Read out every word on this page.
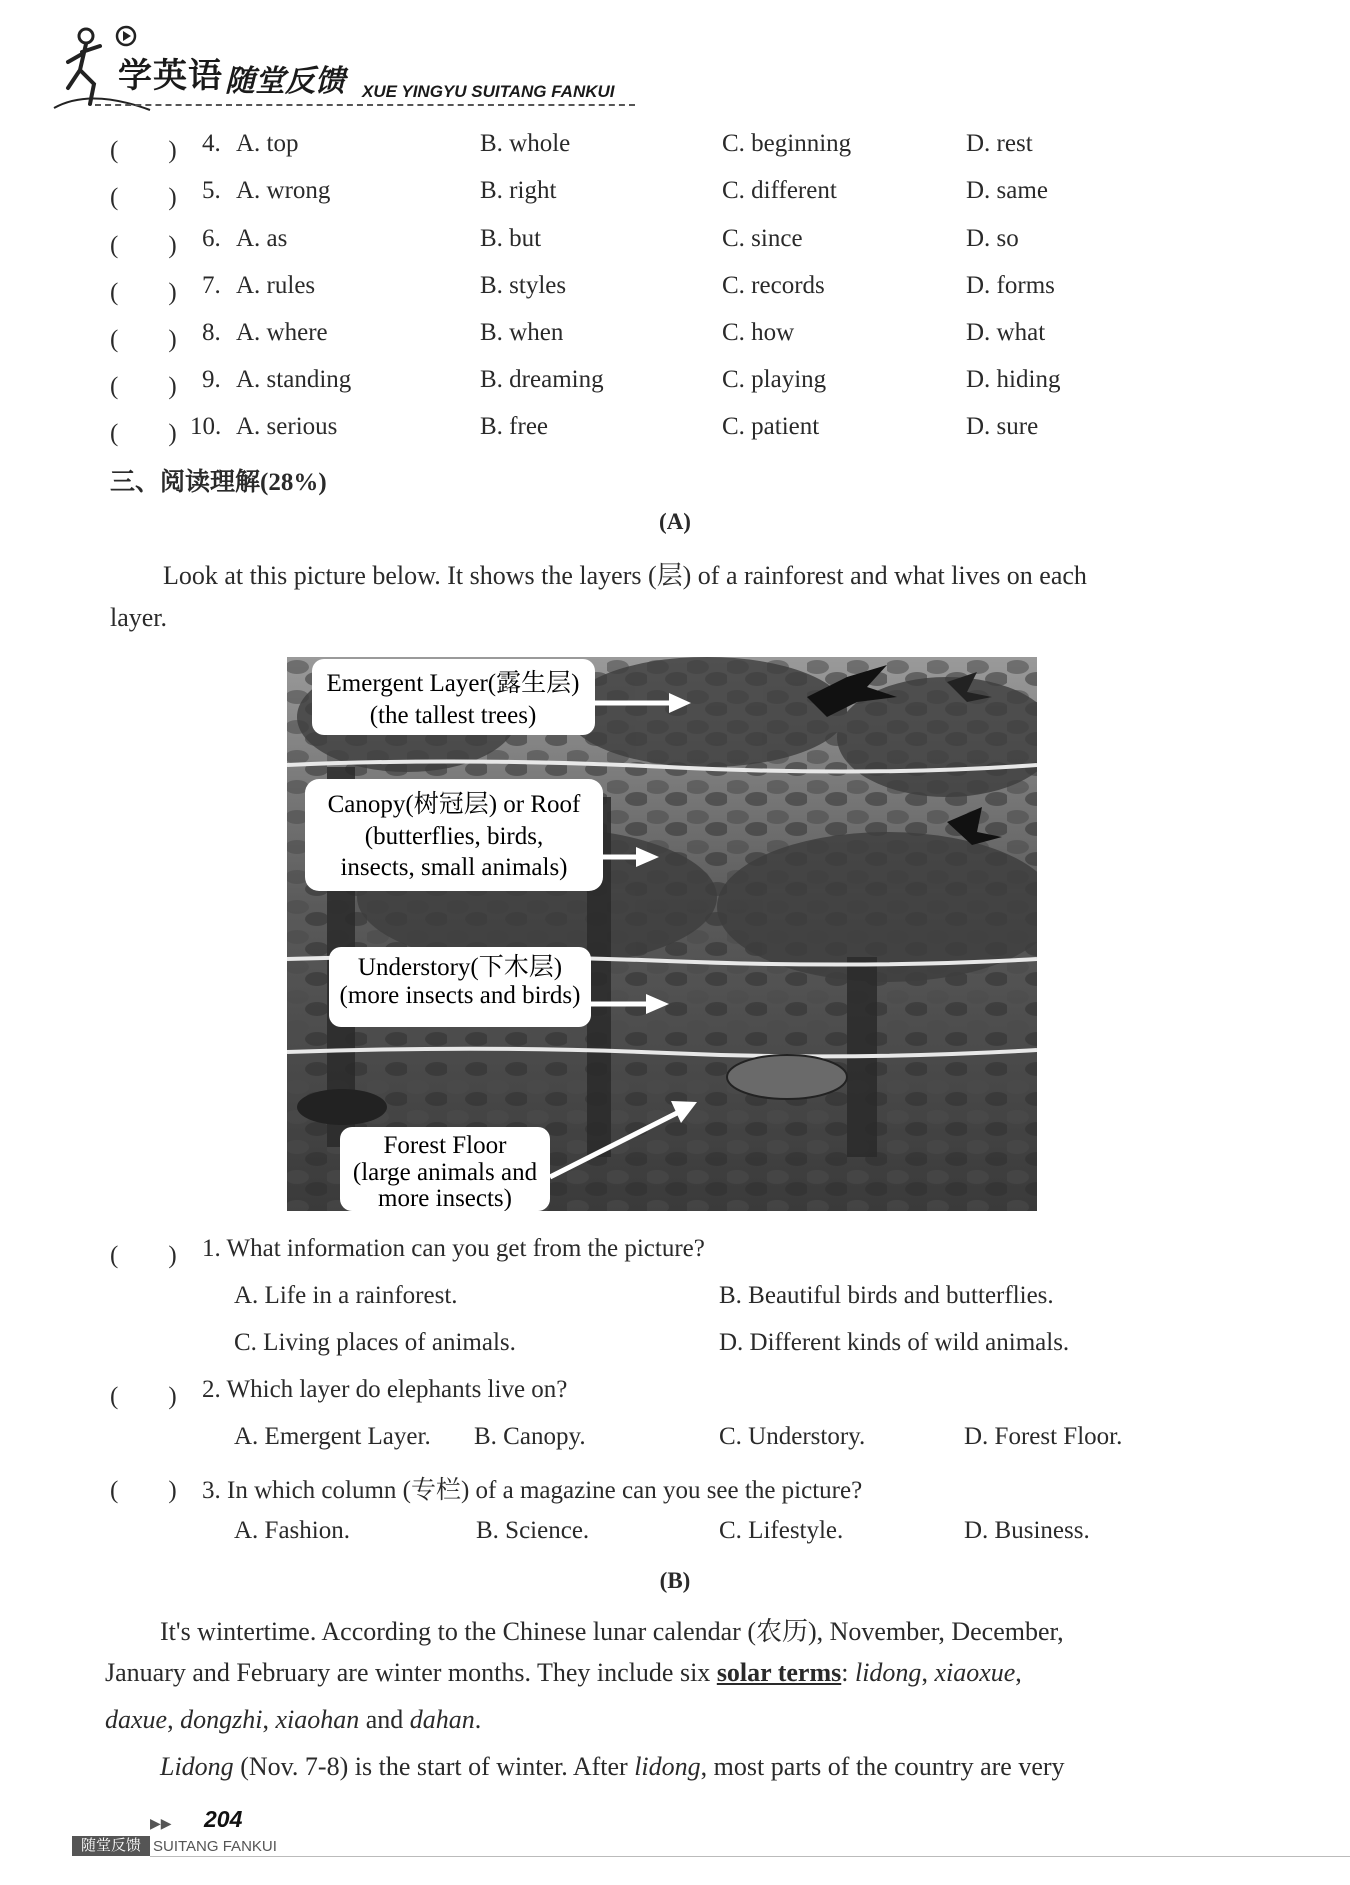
学英语 随堂反馈 XUE YINGYU SUITANG FANKUI
(　　) 4. A. top	B. whole	C. beginning	D. rest
(　　) 5. A. wrong	B. right	C. different	D. same
(　　) 6. A. as	B. but	C. since	D. so
(　　) 7. A. rules	B. styles	C. records	D. forms
(　　) 8. A. where	B. when	C. how	D. what
(　　) 9. A. standing	B. dreaming	C. playing	D. hiding
(　　) 10. A. serious	B. free	C. patient	D. sure
三、阅读理解(28%)
(A)
Look at this picture below. It shows the layers (层) of a rainforest and what lives on each
layer.
Emergent Layer(露生层)
(the tallest trees)
Canopy(树冠层) or Roof
(butterflies, birds,
insects, small animals)
Understory(下木层)
(more insects and birds)
Forest Floor
(large animals and
more insects)
(　　) 1. What information can you get from the picture?
A. Life in a rainforest.	B. Beautiful birds and butterflies.
C. Living places of animals.	D. Different kinds of wild animals.
(　　) 2. Which layer do elephants live on?
A. Emergent Layer. B. Canopy.	C. Understory.	D. Forest Floor.
(　　) 3. In which column (专栏) of a magazine can you see the picture?
A. Fashion.	B. Science.	C. Lifestyle.	D. Business.
(B)
It's wintertime. According to the Chinese lunar calendar (农历), November, December,
January and February are winter months. They include six solar terms: lidong, xiaoxue,
daxue, dongzhi, xiaohan and dahan.
Lidong (Nov. 7-8) is the start of winter. After lidong, most parts of the country are very
▶▶ 204
随堂反馈 SUITANG FANKUI
